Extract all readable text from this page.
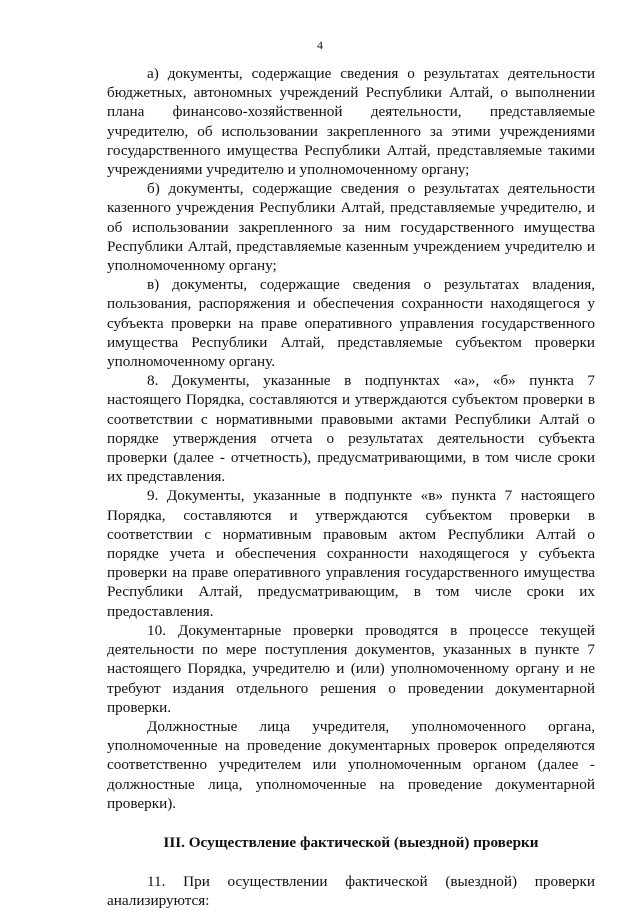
4

а) документы, содержащие сведения о результатах деятельности бюджетных, автономных учреждений Республики Алтай, о выполнении плана финансово-хозяйственной деятельности, представляемые учредителю, об использовании закрепленного за этими учреждениями государственного имущества Республики Алтай, представляемые такими учреждениями учредителю и уполномоченному органу;

б) документы, содержащие сведения о результатах деятельности казенного учреждения Республики Алтай, представляемые учредителю, и об использовании закрепленного за ним государственного имущества Республики Алтай, представляемые казенным учреждением учредителю и уполномоченному органу;

в) документы, содержащие сведения о результатах владения, пользования, распоряжения и обеспечения сохранности находящегося у субъекта проверки на праве оперативного управления государственного имущества Республики Алтай, представляемые субъектом проверки уполномоченному органу.

8. Документы, указанные в подпунктах «а», «б» пункта 7 настоящего Порядка, составляются и утверждаются субъектом проверки в соответствии с нормативными правовыми актами Республики Алтай о порядке утверждения отчета о результатах деятельности субъекта проверки (далее - отчетность), предусматривающими, в том числе сроки их представления.

9. Документы, указанные в подпункте «в» пункта 7 настоящего Порядка, составляются и утверждаются субъектом проверки в соответствии с нормативным правовым актом Республики Алтай о порядке учета и обеспечения сохранности находящегося у субъекта проверки на праве оперативного управления государственного имущества Республики Алтай, предусматривающим, в том числе сроки их предоставления.

10. Документарные проверки проводятся в процессе текущей деятельности по мере поступления документов, указанных в пункте 7 настоящего Порядка, учредителю и (или) уполномоченному органу и не требуют издания отдельного решения о проведении документарной проверки.

Должностные лица учредителя, уполномоченного органа, уполномоченные на проведение документарных проверок определяются соответственно учредителем или уполномоченным органом (далее - должностные лица, уполномоченные на проведение документарной проверки).

III. Осуществление фактической (выездной) проверки

11. При осуществлении фактической (выездной) проверки анализируются:
